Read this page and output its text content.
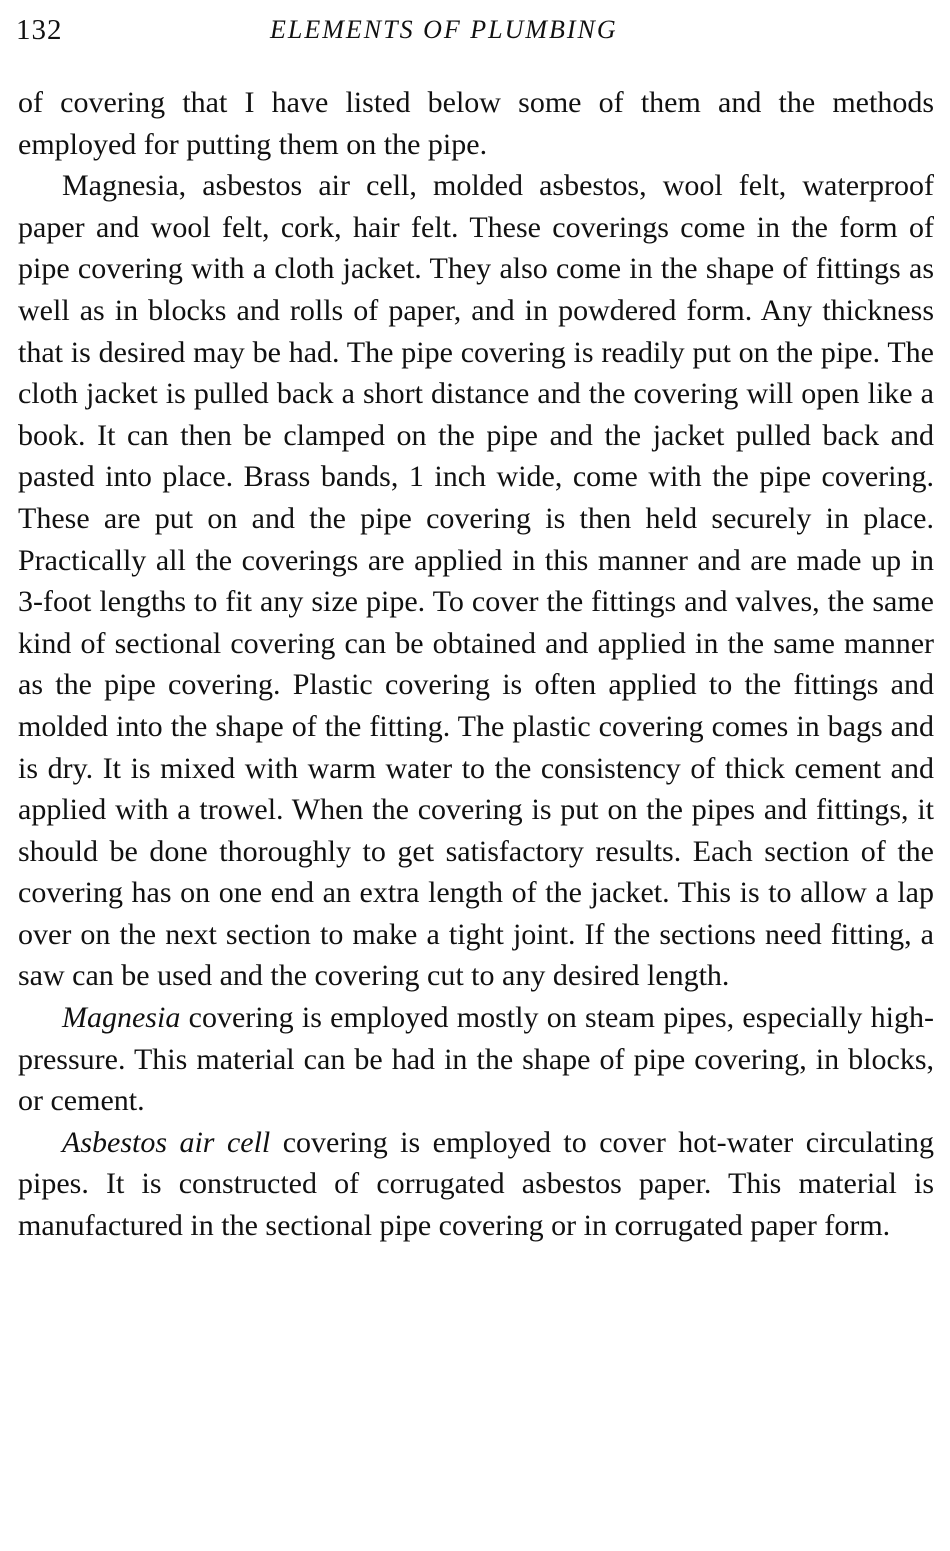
132	ELEMENTS OF PLUMBING

of covering that I have listed below some of them and the methods employed for putting them on the pipe.

Magnesia, asbestos air cell, molded asbestos, wool felt, waterproof paper and wool felt, cork, hair felt. These coverings come in the form of pipe covering with a cloth jacket. They also come in the shape of fittings as well as in blocks and rolls of paper, and in powdered form. Any thickness that is desired may be had. The pipe covering is readily put on the pipe. The cloth jacket is pulled back a short distance and the covering will open like a book. It can then be clamped on the pipe and the jacket pulled back and pasted into place. Brass bands, 1 inch wide, come with the pipe covering. These are put on and the pipe covering is then held securely in place. Practically all the coverings are applied in this manner and are made up in 3-foot lengths to fit any size pipe. To cover the fittings and valves, the same kind of sectional covering can be obtained and applied in the same manner as the pipe covering. Plastic covering is often applied to the fittings and molded into the shape of the fitting. The plastic covering comes in bags and is dry. It is mixed with warm water to the consistency of thick cement and applied with a trowel. When the covering is put on the pipes and fittings, it should be done thoroughly to get satisfactory results. Each section of the covering has on one end an extra length of the jacket. This is to allow a lap over on the next section to make a tight joint. If the sections need fitting, a saw can be used and the covering cut to any desired length.

Magnesia covering is employed mostly on steam pipes, especially high-pressure. This material can be had in the shape of pipe covering, in blocks, or cement.

Asbestos air cell covering is employed to cover hot-water circulating pipes. It is constructed of corrugated asbestos paper. This material is manufactured in the sectional pipe covering or in corrugated paper form.
